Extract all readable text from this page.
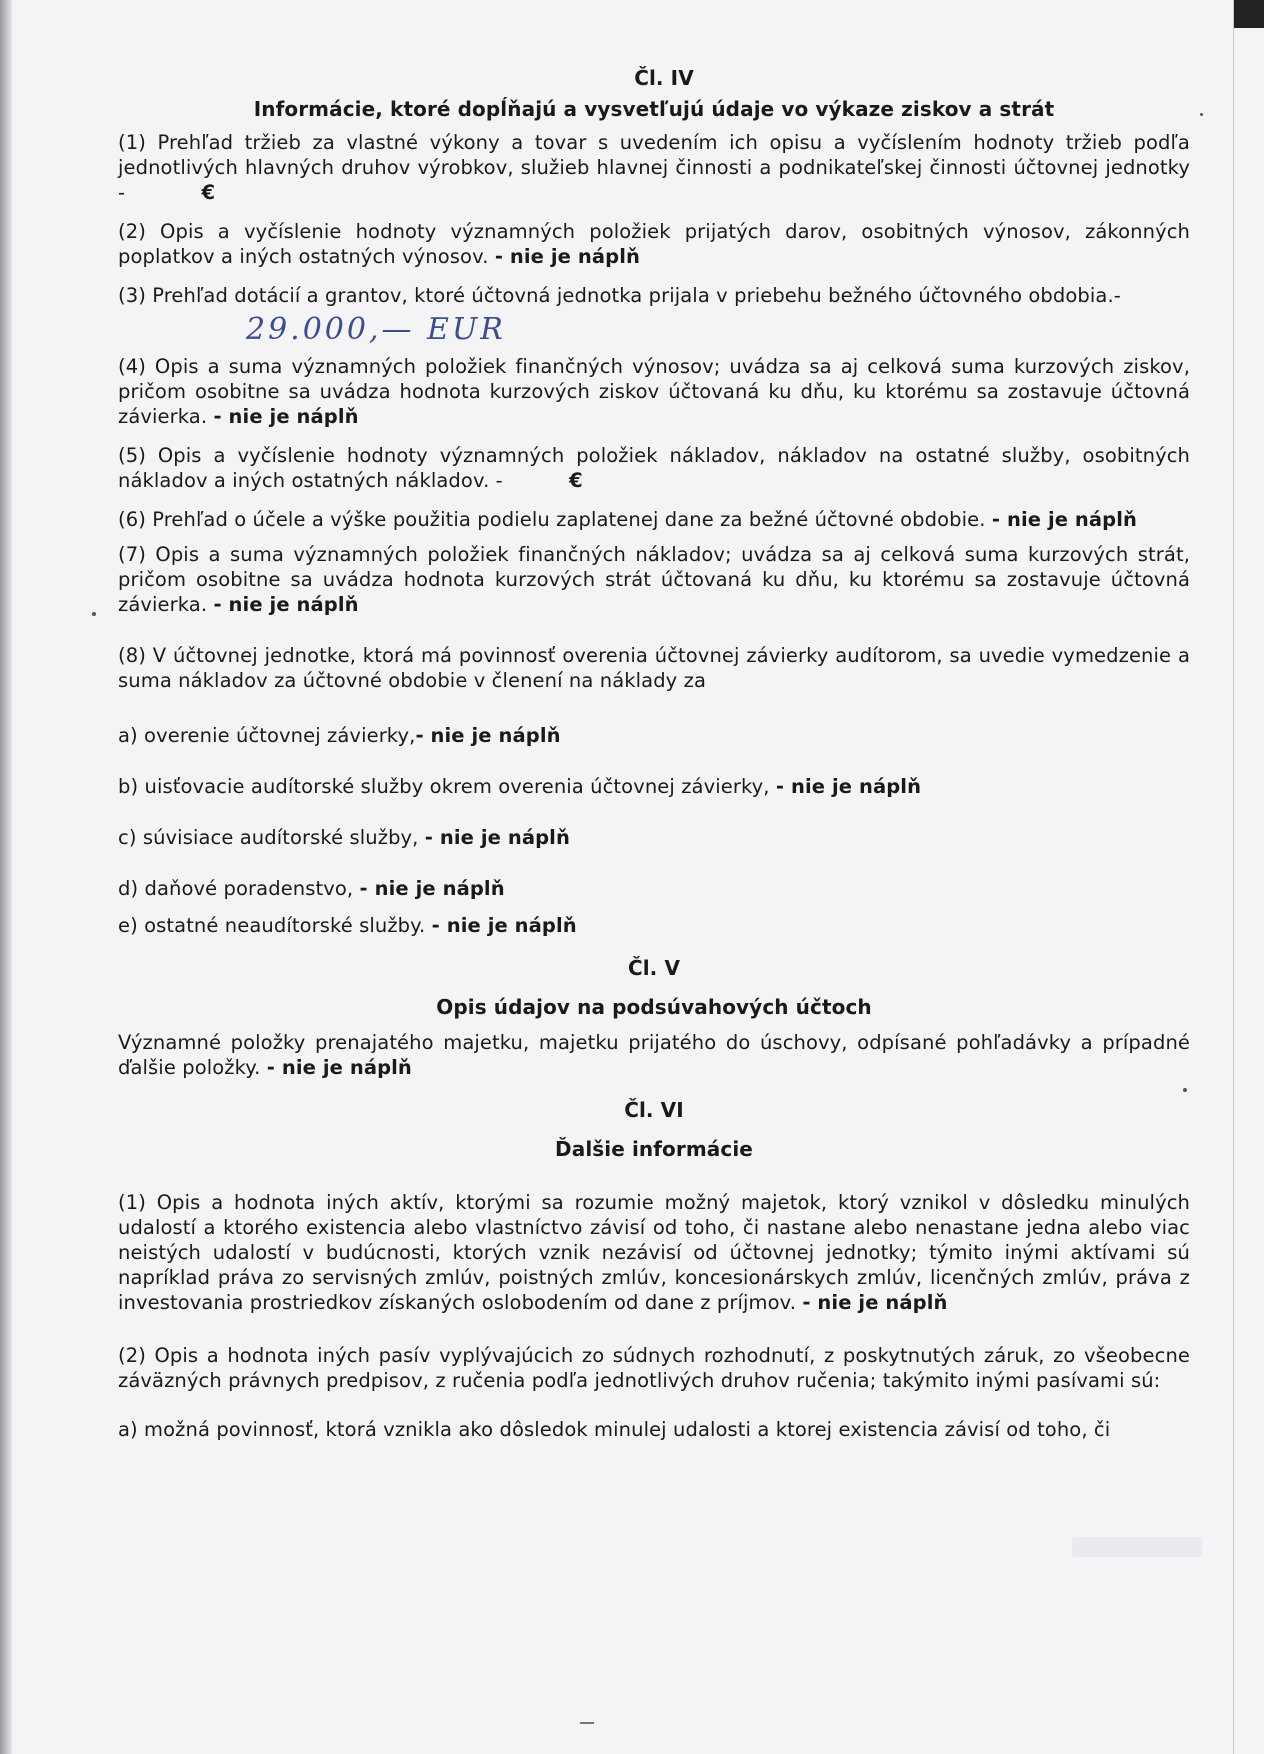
Čl. IV
Informácie, ktoré dopĺňajú a vysvetľujú údaje vo výkaze ziskov a strát

(1) Prehľad tržieb za vlastné výkony a tovar s uvedením ich opisu a vyčíslením hodnoty tržieb podľa jednotlivých hlavných druhov výrobkov, služieb hlavnej činnosti a podnikateľskej činnosti účtovnej jednotky -	€

(2) Opis a vyčíslenie hodnoty významných položiek prijatých darov, osobitných výnosov, zákonných poplatkov a iných ostatných výnosov. - nie je náplň

(3) Prehľad dotácií a grantov, ktoré účtovná jednotka prijala v priebehu bežného účtovného obdobia.-

29.000,— EUR

(4) Opis a suma významných položiek finančných výnosov; uvádza sa aj celková suma kurzových ziskov, pričom osobitne sa uvádza hodnota kurzových ziskov účtovaná ku dňu, ku ktorému sa zostavuje účtovná závierka. - nie je náplň

(5) Opis a vyčíslenie hodnoty významných položiek nákladov, nákladov na ostatné služby, osobitných nákladov a iných ostatných nákladov. -	€

(6) Prehľad o účele a výške použitia podielu zaplatenej dane za bežné účtovné obdobie. - nie je náplň

(7) Opis a suma významných položiek finančných nákladov; uvádza sa aj celková suma kurzových strát, pričom osobitne sa uvádza hodnota kurzových strát účtovaná ku dňu, ku ktorému sa zostavuje účtovná závierka. - nie je náplň

(8) V účtovnej jednotke, ktorá má povinnosť overenia účtovnej závierky audítorom, sa uvedie vymedzenie a suma nákladov za účtovné obdobie v členení na náklady za

a) overenie účtovnej závierky,- nie je náplň

b) uisťovacie audítorské služby okrem overenia účtovnej závierky, - nie je náplň

c) súvisiace audítorské služby, - nie je náplň

d) daňové poradenstvo, - nie je náplň

e) ostatné neaudítorské služby. - nie je náplň

Čl. V
Opis údajov na podsúvahových účtoch

Významné položky prenajatého majetku, majetku prijatého do úschovy, odpísané pohľadávky a prípadné ďalšie položky. - nie je náplň

Čl. VI
Ďalšie informácie

(1) Opis a hodnota iných aktív, ktorými sa rozumie možný majetok, ktorý vznikol v dôsledku minulých udalostí a ktorého existencia alebo vlastníctvo závisí od toho, či nastane alebo nenastane jedna alebo viac neistých udalostí v budúcnosti, ktorých vznik nezávisí od účtovnej jednotky; týmito inými aktívami sú napríklad práva zo servisných zmlúv, poistných zmlúv, koncesionárskych zmlúv, licenčných zmlúv, práva z investovania prostriedkov získaných oslobodením od dane z príjmov. - nie je náplň

(2) Opis a hodnota iných pasív vyplývajúcich zo súdnych rozhodnutí, z poskytnutých záruk, zo všeobecne záväzných právnych predpisov, z ručenia podľa jednotlivých druhov ručenia; takýmito inými pasívami sú:

a) možná povinnosť, ktorá vznikla ako dôsledok minulej udalosti a ktorej existencia závisí od toho, či
